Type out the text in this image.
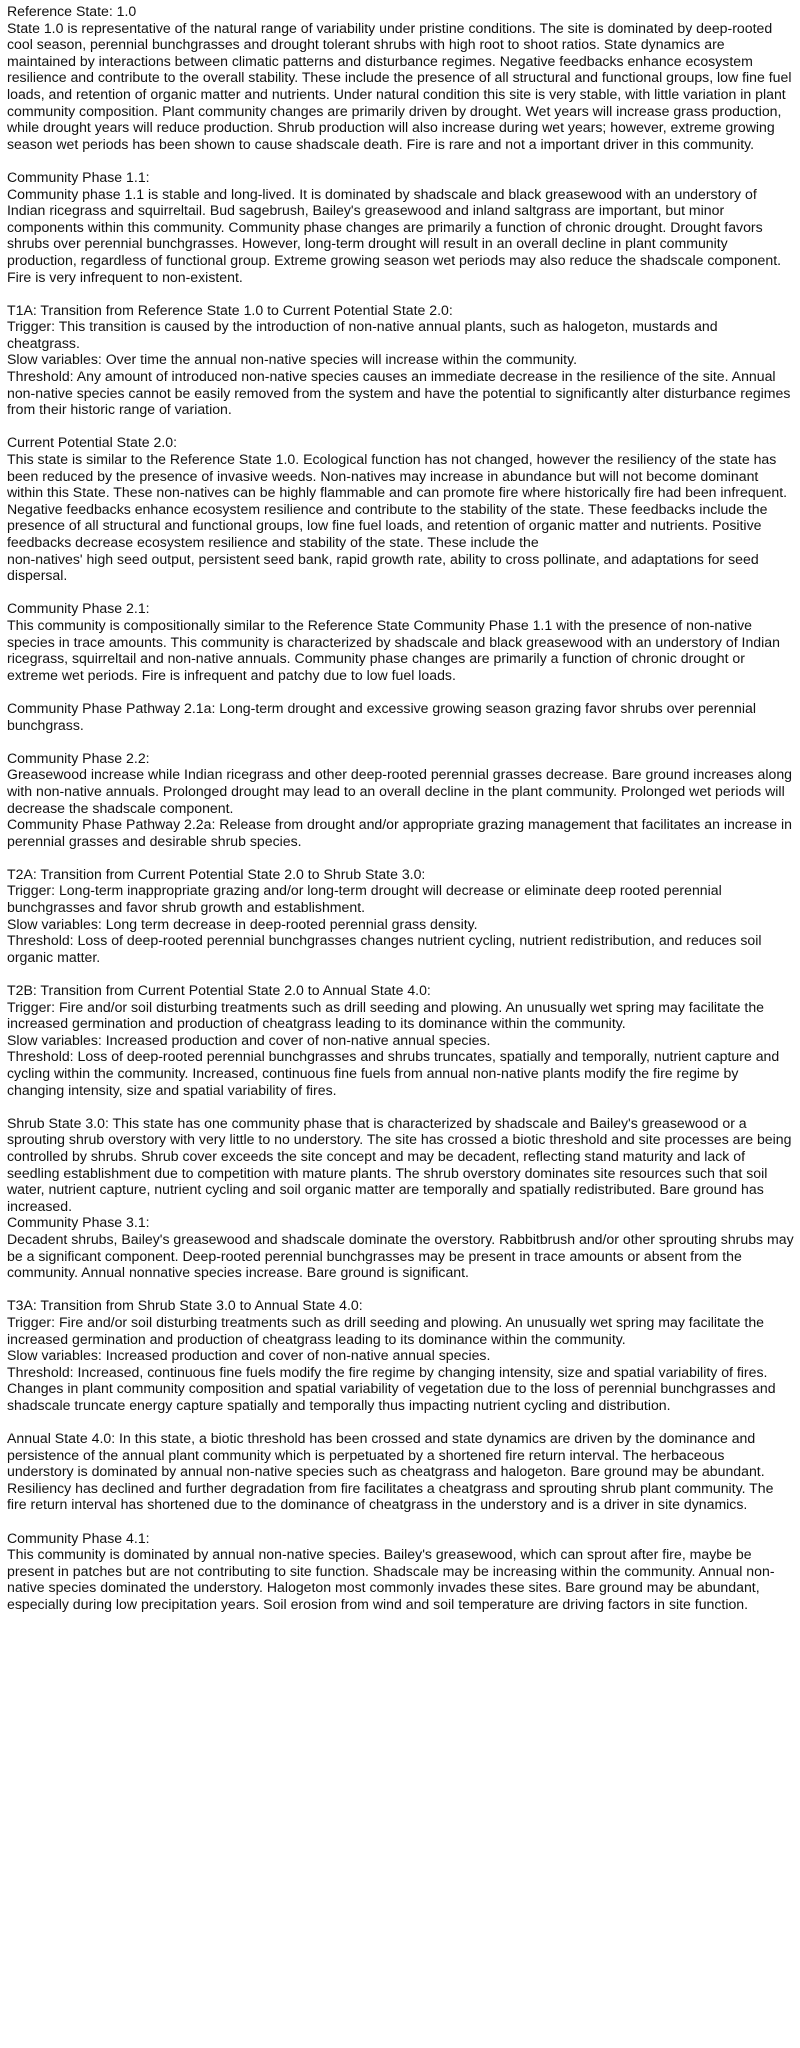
Reference State: 1.0

State 1.0 is representative of the natural range of variability under pristine conditions. The site is dominated by deep-rooted cool season, perennial bunchgrasses and drought tolerant shrubs with high root to shoot ratios. State dynamics are maintained by interactions between climatic patterns and disturbance regimes. Negative feedbacks enhance ecosystem resilience and contribute to the overall stability. These include the presence of all structural and functional groups, low fine fuel loads, and retention of organic matter and nutrients. Under natural condition this site is very stable, with little variation in plant community composition. Plant community changes are primarily driven by drought. Wet years will increase grass production, while drought years will reduce production. Shrub production will also increase during wet years; however, extreme growing season wet periods has been shown to cause shadscale death. Fire is rare and not a important driver in this community.

Community Phase 1.1:

Community phase 1.1 is stable and long-lived. It is dominated by shadscale and black greasewood with an understory of Indian ricegrass and squirreltail. Bud sagebrush, Bailey's greasewood and inland saltgrass are important, but minor components within this community. Community phase changes are primarily a function of chronic drought. Drought favors shrubs over perennial bunchgrasses. However, long-term drought will result in an overall decline in plant community production, regardless of functional group. Extreme growing season wet periods may also reduce the shadscale component. Fire is very infrequent to non-existent.

T1A: Transition from Reference State 1.0 to Current Potential State 2.0:

Trigger: This transition is caused by the introduction of non-native annual plants, such as halogeton, mustards and cheatgrass.

Slow variables: Over time the annual non-native species will increase within the community.

Threshold: Any amount of introduced non-native species causes an immediate decrease in the resilience of the site. Annual non-native species cannot be easily removed from the system and have the potential to significantly alter disturbance regimes from their historic range of variation.

Current Potential State 2.0:

This state is similar to the Reference State 1.0. Ecological function has not changed, however the resiliency of the state has been reduced by the presence of invasive weeds. Non-natives may increase in abundance but will not become dominant within this State. These non-natives can be highly flammable and can promote fire where historically fire had been infrequent. Negative feedbacks enhance ecosystem resilience and contribute to the stability of the state. These feedbacks include the presence of all structural and functional groups, low fine fuel loads, and retention of organic matter and nutrients. Positive feedbacks decrease ecosystem resilience and stability of the state. These include the

non-natives' high seed output, persistent seed bank, rapid growth rate, ability to cross pollinate, and adaptations for seed dispersal.

Community Phase 2.1:

This community is compositionally similar to the Reference State Community Phase 1.1 with the presence of non-native species in trace amounts. This community is characterized by shadscale and black greasewood with an understory of Indian ricegrass, squirreltail and non-native annuals. Community phase changes are primarily a function of chronic drought or extreme wet periods. Fire is infrequent and patchy due to low fuel loads.

Community Phase Pathway 2.1a: Long-term drought and excessive growing season grazing favor shrubs over perennial bunchgrass.

Community Phase 2.2:

Greasewood increase while Indian ricegrass and other deep-rooted perennial grasses decrease. Bare ground increases along with non-native annuals. Prolonged drought may lead to an overall decline in the plant community. Prolonged wet periods will decrease the shadscale component.

Community Phase Pathway 2.2a: Release from drought and/or appropriate grazing management that facilitates an increase in perennial grasses and desirable shrub species.

T2A: Transition from Current Potential State 2.0 to Shrub State 3.0:

Trigger: Long-term inappropriate grazing and/or long-term drought will decrease or eliminate deep rooted perennial bunchgrasses and favor shrub growth and establishment.

Slow variables: Long term decrease in deep-rooted perennial grass density.

Threshold: Loss of deep-rooted perennial bunchgrasses changes nutrient cycling, nutrient redistribution, and reduces soil organic matter.

T2B: Transition from Current Potential State 2.0 to Annual State 4.0:

Trigger: Fire and/or soil disturbing treatments such as drill seeding and plowing. An unusually wet spring may facilitate the increased germination and production of cheatgrass leading to its dominance within the community.

Slow variables: Increased production and cover of non-native annual species.

Threshold: Loss of deep-rooted perennial bunchgrasses and shrubs truncates, spatially and temporally, nutrient capture and cycling within the community. Increased, continuous fine fuels from annual non-native plants modify the fire regime by changing intensity, size and spatial variability of fires.

Shrub State 3.0: This state has one community phase that is characterized by shadscale and Bailey's greasewood or a sprouting shrub overstory with very little to no understory. The site has crossed a biotic threshold and site processes are being controlled by shrubs. Shrub cover exceeds the site concept and may be decadent, reflecting stand maturity and lack of seedling establishment due to competition with mature plants. The shrub overstory dominates site resources such that soil water, nutrient capture, nutrient cycling and soil organic matter are temporally and spatially redistributed. Bare ground has increased.

Community Phase 3.1:

Decadent shrubs, Bailey's greasewood and shadscale dominate the overstory. Rabbitbrush and/or other sprouting shrubs may be a significant component. Deep-rooted perennial bunchgrasses may be present in trace amounts or absent from the community. Annual nonnative species increase. Bare ground is significant.

T3A: Transition from Shrub State 3.0 to Annual State 4.0:

Trigger: Fire and/or soil disturbing treatments such as drill seeding and plowing. An unusually wet spring may facilitate the increased germination and production of cheatgrass leading to its dominance within the community.

Slow variables: Increased production and cover of non-native annual species.

Threshold: Increased, continuous fine fuels modify the fire regime by changing intensity, size and spatial variability of fires. Changes in plant community composition and spatial variability of vegetation due to the loss of perennial bunchgrasses and shadscale truncate energy capture spatially and temporally thus impacting nutrient cycling and distribution.

Annual State 4.0: In this state, a biotic threshold has been crossed and state dynamics are driven by the dominance and persistence of the annual plant community which is perpetuated by a shortened fire return interval. The herbaceous understory is dominated by annual non-native species such as cheatgrass and halogeton. Bare ground may be abundant. Resiliency has declined and further degradation from fire facilitates a cheatgrass and sprouting shrub plant community. The fire return interval has shortened due to the dominance of cheatgrass in the understory and is a driver in site dynamics.

Community Phase 4.1:

This community is dominated by annual non-native species. Bailey's greasewood, which can sprout after fire, maybe be present in patches but are not contributing to site function. Shadscale may be increasing within the community. Annual non-native species dominated the understory. Halogeton most commonly invades these sites. Bare ground may be abundant, especially during low precipitation years. Soil erosion from wind and soil temperature are driving factors in site function.
